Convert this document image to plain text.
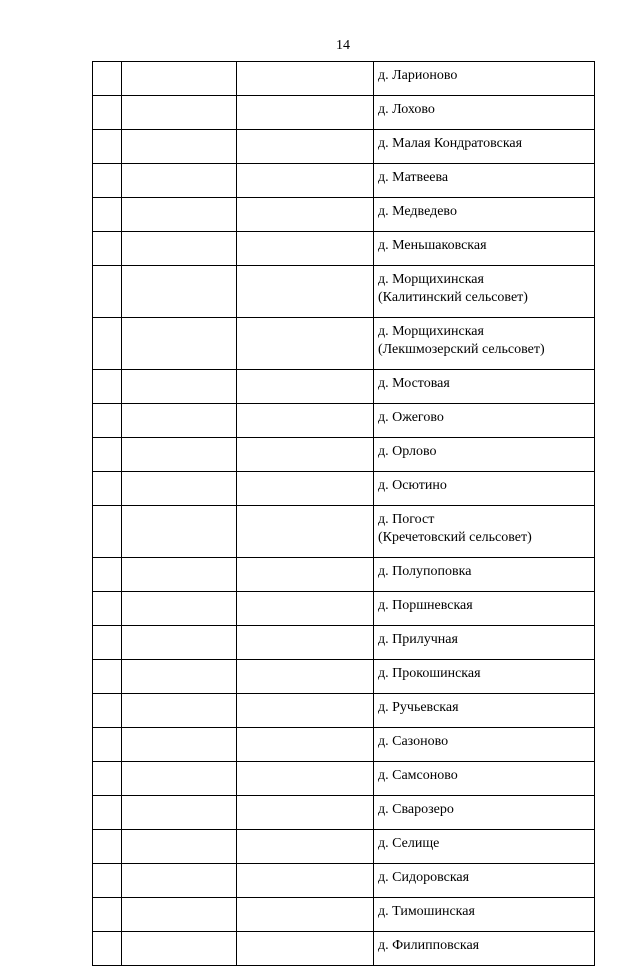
14

			д. Ларионово

			д. Лохово

			д. Малая Кондратовская

			д. Матвеева

			д. Медведево

			д. Меньшаковская

			д. Морщихинская
(Калитинский сельсовет)

			д. Морщихинская
(Лекшмозерский сельсовет)

			д. Мостовая

			д. Ожегово

			д. Орлово

			д. Осютино

			д. Погост
(Кречетовский сельсовет)

			д. Полупоповка

			д. Поршневская

			д. Прилучная

			д. Прокошинская

			д. Ручьевская

			д. Сазоново

			д. Самсоново

			д. Сварозеро

			д. Селище

			д. Сидоровская

			д. Тимошинская

			д. Филипповская
